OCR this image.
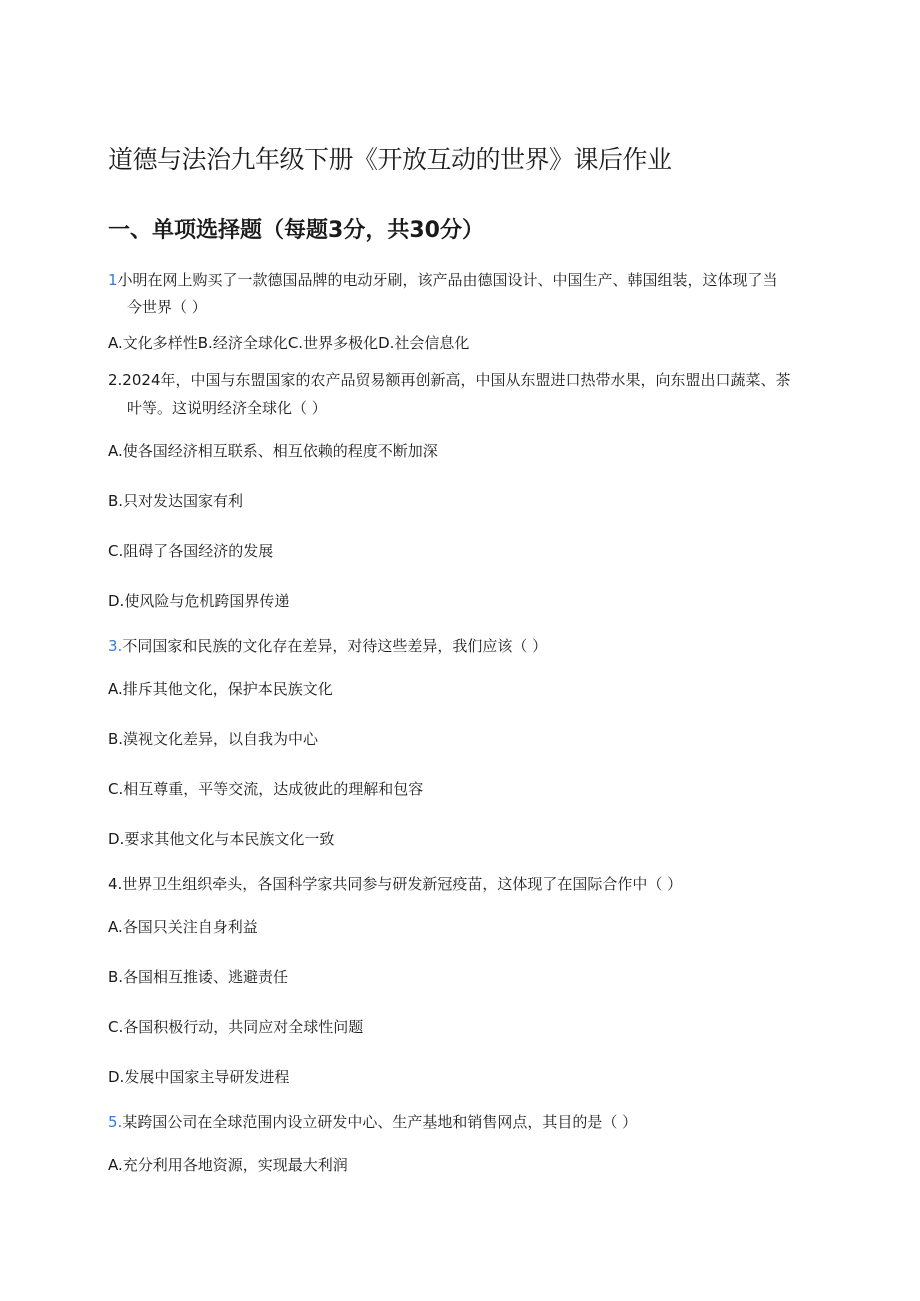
道德与法治九年级下册《开放互动的世界》课后作业
一、单项选择题（每题3分，共30分）
1小明在网上购买了一款德国品牌的电动牙刷，该产品由德国设计、中国生产、韩国组装，这体现了当
今世界（ ）
A.文化多样性B.经济全球化C.世界多极化D.社会信息化
2.2024年，中国与东盟国家的农产品贸易额再创新高，中国从东盟进口热带水果，向东盟出口蔬菜、茶
叶等。这说明经济全球化（ ）
A.使各国经济相互联系、相互依赖的程度不断加深
B.只对发达国家有利
C.阻碍了各国经济的发展
D.使风险与危机跨国界传递
3.不同国家和民族的文化存在差异，对待这些差异，我们应该（ ）
A.排斥其他文化，保护本民族文化
B.漠视文化差异，以自我为中心
C.相互尊重，平等交流，达成彼此的理解和包容
D.要求其他文化与本民族文化一致
4.世界卫生组织牵头，各国科学家共同参与研发新冠疫苗，这体现了在国际合作中（ ）
A.各国只关注自身利益
B.各国相互推诿、逃避责任
C.各国积极行动，共同应对全球性问题
D.发展中国家主导研发进程
5.某跨国公司在全球范围内设立研发中心、生产基地和销售网点，其目的是（ ）
A.充分利用各地资源，实现最大利润
